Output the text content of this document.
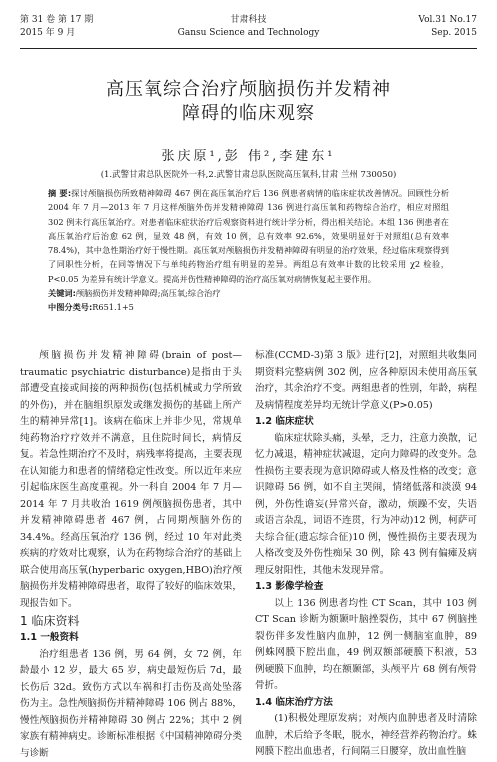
第 31 卷 第 17 期
2015 年 9 月
甘肃科技
Gansu Science and Technology
Vol.31 No.17
Sep. 2015
高压氧综合治疗颅脑损伤并发精神
障碍的临床观察
张庆原¹,彭 伟²,李建东¹
(1.武警甘肃总队医院外一科,2.武警甘肃总队医院高压氧科,甘肃 兰州 730050)
摘 要:探讨颅脑损伤所致精神障碍 467 例在高压氧治疗后 136 例患者病情的临床症状改善情况。回顾性分析 2004 年 7 月—2013 年 7 月这样颅脑外伤并发精神障碍 136 例进行高压氧和药物综合治疗，相应对照组 302 例未行高压氧治疗。对患者临床症状治疗后观察资料进行统计学分析，得出相关结论。本组 136 例患者在高压氧治疗后治愈 62 例，显效 48 例，有效 10 例，总有效率 92.6%，效果明显好于对照组(总有效率 78.4%)，其中急性期治疗好于慢性期。高压氧对颅脑损伤并发精神障碍有明显的治疗效果，经过临床观察得到了同职性分析，在同等情况下与单纯药物治疗组有明显的差异。两组总有效率计数的比较采用 χ2 检验，P<0.05 为差异有统计学意义。提高并伤性精神障碍的治疗高压氧对病情恢复起主要作用。
关键词:颅脑损伤并发精神障碍;高压氧;综合治疗
中图分类号:R651.1+5

颅脑损伤并发精神障碍(brain of post—traumatic psychiatric disturbance)是指由于头部遭受直接或间接的两种损伤(包括机械或力学所致的外伤)，并在脑组织原发或继发损伤的基础上所产生的精神异常[1]。该病在临床上并非少见，常规单纯药物治疗疗效并不满意，且住院时间长，病情反复。若急性期治疗不及时，病残率将提高，主要表现在认知能力和患者的情绪稳定性改变。所以近年来应引起临床医生高度重视。外一科自 2004 年 7 月—2014 年 7 月共收治 1619 例颅脑损伤患者，其中并发精神障碍患者 467 例，占同期颅脑外伤的 34.4%。经高压氧治疗 136 例，经过 10 年对此类疾病的疗效对比观察，认为在药物综合治疗的基础上联合使用高压氧(hyperbaric oxygen,HBO)治疗颅脑损伤并发精神障碍患者，取得了较好的临床效果，现报告如下。

1 临床资料
1.1 一般资料

治疗组患者 136 例，男 64 例，女 72 例，年龄最小 12 岁，最大 65 岁，病史最短伤后 7d，最长伤后 32d。致伤方式以车祸和打击伤及高处坠落伤为主。急性颅脑损伤并精神障碍 106 例占 88%，慢性颅脑损伤并精神障碍 30 例占 22%；其中 2 例家族有精神病史。诊断标准根据《中国精神障碍分类与诊断

标准(CCMD-3)第 3 版》进行[2]，对照组共收集同期资料完整病例 302 例，应各种原因未使用高压氧治疗，其余治疗不变。两组患者的性别，年龄，病程及病情程度差异均无统计学意义(P>0.05)

1.2 临床症状

临床症状除头痛，头晕，乏力，注意力涣散，记忆力减退，精神症状减退，定向力障碍的改变外。急性损伤主要表现为意识障碍或人格及性格的改变；意识障碍 56 例，如不自主哭闹，情绪低落和淡漠 94 例，外伤性谵妄(异常兴奋，激动，烦躁不安，失语或语言杂乱，词语不连贯，行为冲动)12 例，柯萨可夫综合征(遗忘综合征)10 例，慢性损伤主要表现为人格改变及外伤性痴呆 30 例，除 43 例有偏瘫及病理反射阳性，其他未发现异常。

1.3 影像学检查

以上 136 例患者均性 CT Scan，其中 103 例 CT Scan 诊断为额颞叶脑挫裂伤，其中 67 例脑挫裂伤伴多发性脑内血肿，12 例一侧脑室血肿，89 例蛛网膜下腔出血，49 例双额部硬膜下积液，53 例硬膜下血肿，均在额颞部，头颅平片 68 例有颅骨骨折。

1.4 临床治疗方法

(1)积极处理原发病；对颅内血肿患者及时清除血肿，术后给予冬眠，脱水，神经营养药物治疗。蛛网膜下腔出血患者，行间隔三日腰穿，放出血性脑
